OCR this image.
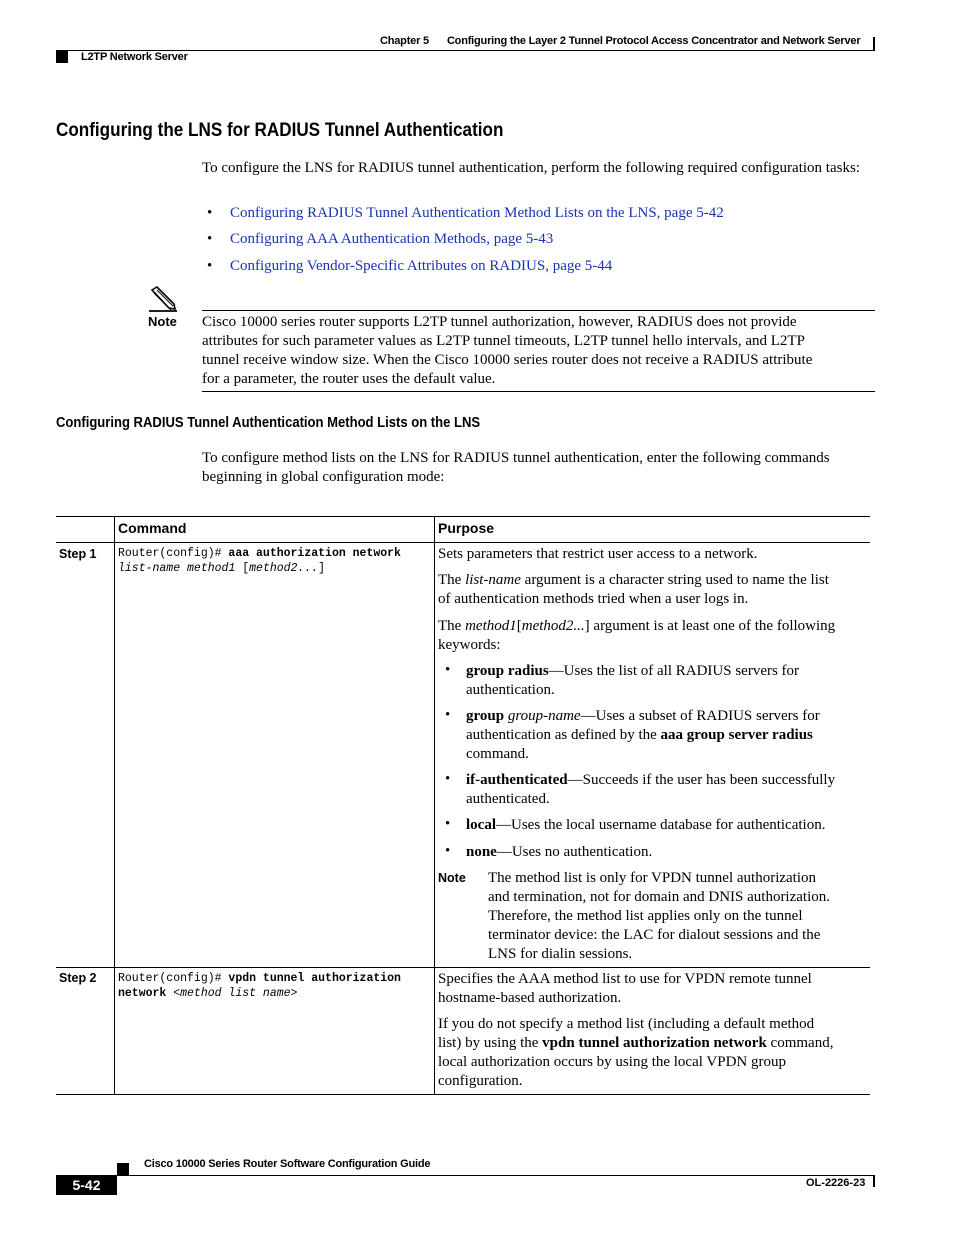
Chapter 5 Configuring the Layer 2 Tunnel Protocol Access Concentrator and Network Server
L2TP Network Server
Configuring the LNS for RADIUS Tunnel Authentication
To configure the LNS for RADIUS tunnel authentication, perform the following required configuration tasks:
• Configuring RADIUS Tunnel Authentication Method Lists on the LNS, page 5-42
• Configuring AAA Authentication Methods, page 5-43
• Configuring Vendor-Specific Attributes on RADIUS, page 5-44
Note Cisco 10000 series router supports L2TP tunnel authorization, however, RADIUS does not provide
attributes for such parameter values as L2TP tunnel timeouts, L2TP tunnel hello intervals, and L2TP
tunnel receive window size. When the Cisco 10000 series router does not receive a RADIUS attribute
for a parameter, the router uses the default value.
Configuring RADIUS Tunnel Authentication Method Lists on the LNS
To configure method lists on the LNS for RADIUS tunnel authentication, enter the following commands
beginning in global configuration mode:
Command	Purpose
Step 1 Router(config)# aaa authorization network
list-name method1 [method2...]
Sets parameters that restrict user access to a network.
The list-name argument is a character string used to name the list
of authentication methods tried when a user logs in.
The method1[method2...] argument is at least one of the following
keywords:
• group radius—Uses the list of all RADIUS servers for
authentication.
• group group-name—Uses a subset of RADIUS servers for
authentication as defined by the aaa group server radius
command.
• if-authenticated—Succeeds if the user has been successfully
authenticated.
• local—Uses the local username database for authentication.
• none—Uses no authentication.
Note The method list is only for VPDN tunnel authorization
and termination, not for domain and DNIS authorization.
Therefore, the method list applies only on the tunnel
terminator device: the LAC for dialout sessions and the
LNS for dialin sessions.
Step 2 Router(config)# vpdn tunnel authorization
network <method list name>
Specifies the AAA method list to use for VPDN remote tunnel
hostname-based authorization.
If you do not specify a method list (including a default method
list) by using the vpdn tunnel authorization network command,
local authorization occurs by using the local VPDN group
configuration.
Cisco 10000 Series Router Software Configuration Guide
5-42	OL-2226-23
